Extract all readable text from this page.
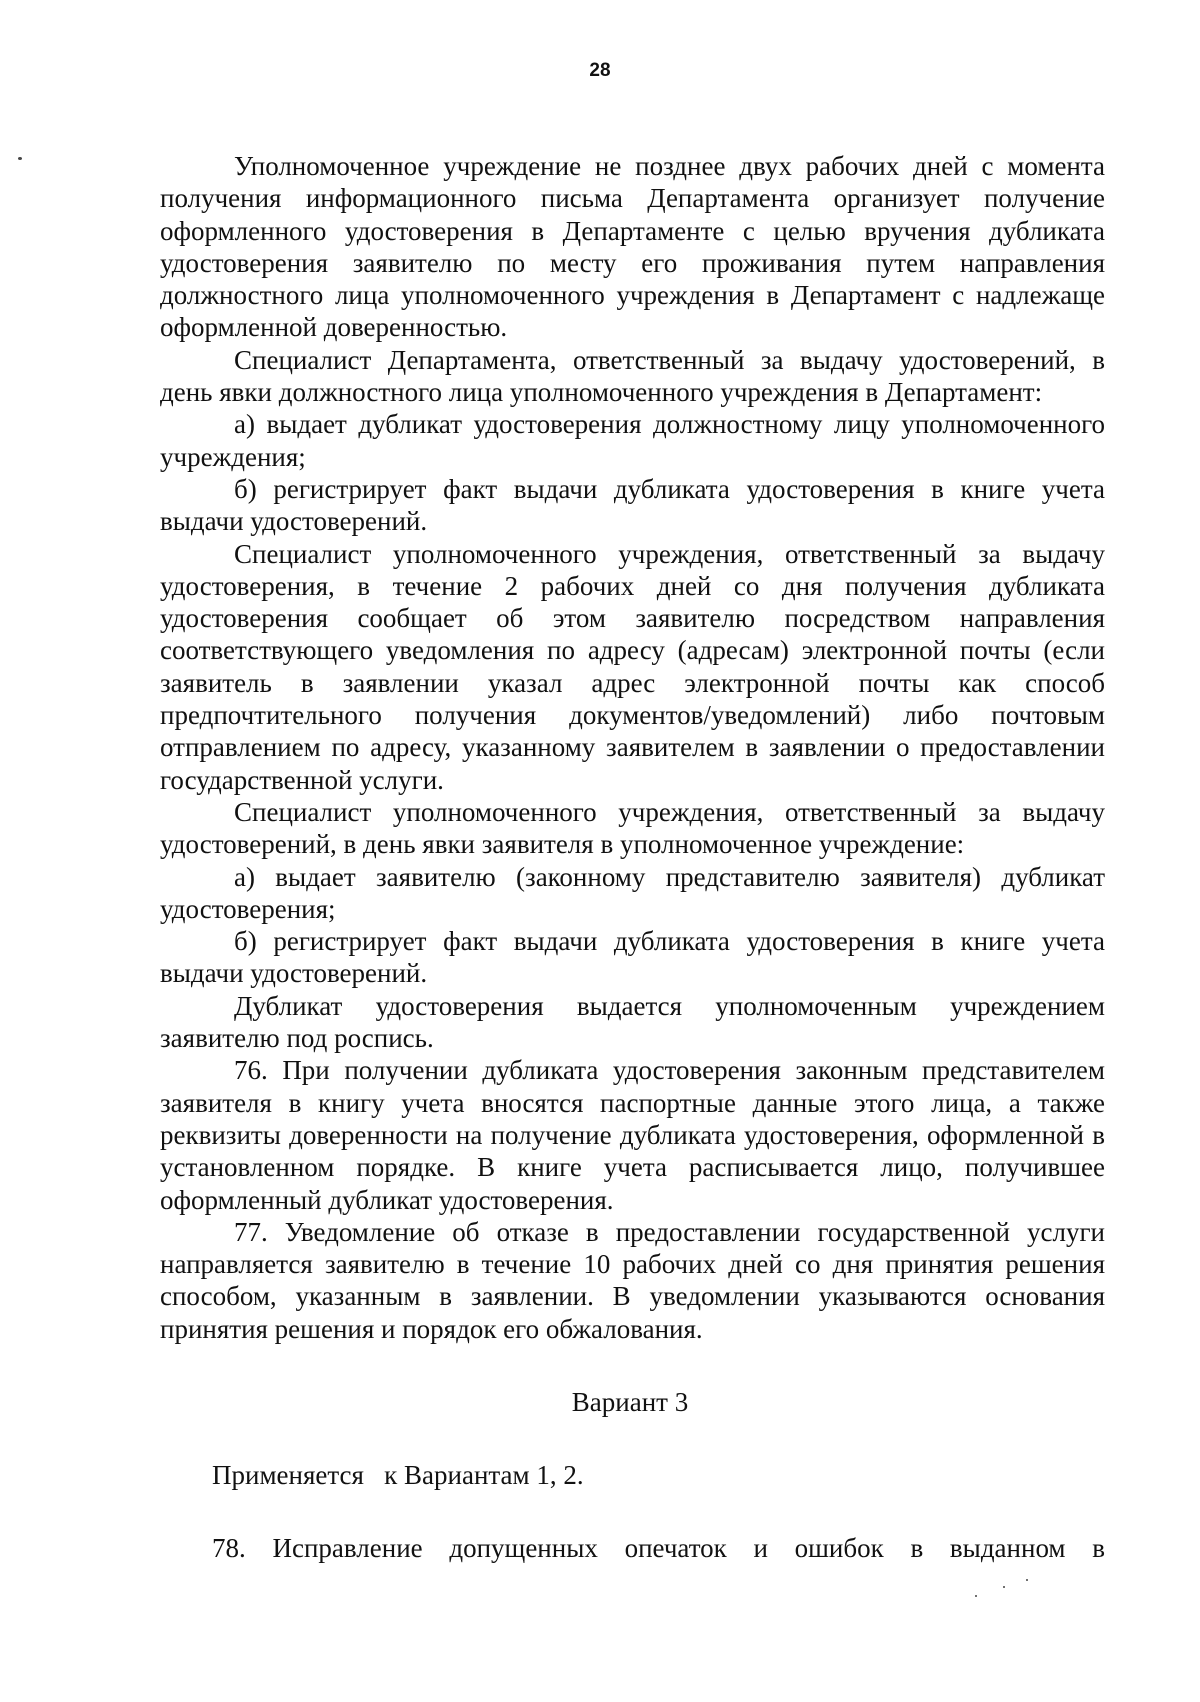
28

Уполномоченное учреждение не позднее двух рабочих дней с момента получения информационного письма Департамента организует получение оформленного удостоверения в Департаменте с целью вручения дубликата удостоверения заявителю по месту его проживания путем направления должностного лица уполномоченного учреждения в Департамент с надлежаще оформленной доверенностью.

Специалист Департамента, ответственный за выдачу удостоверений, в день явки должностного лица уполномоченного учреждения в Департамент:

а) выдает дубликат удостоверения должностному лицу уполномоченного учреждения;

б) регистрирует факт выдачи дубликата удостоверения в книге учета выдачи удостоверений.

Специалист уполномоченного учреждения, ответственный за выдачу удостоверения, в течение 2 рабочих дней со дня получения дубликата удостоверения сообщает об этом заявителю посредством направления соответствующего уведомления по адресу (адресам) электронной почты (если заявитель в заявлении указал адрес электронной почты как способ предпочтительного получения документов/уведомлений) либо почтовым отправлением по адресу, указанному заявителем в заявлении о предоставлении государственной услуги.

Специалист уполномоченного учреждения, ответственный за выдачу удостоверений, в день явки заявителя в уполномоченное учреждение:

а) выдает заявителю (законному представителю заявителя) дубликат удостоверения;

б) регистрирует факт выдачи дубликата удостоверения в книге учета выдачи удостоверений.

Дубликат удостоверения выдается уполномоченным учреждением заявителю под роспись.

76. При получении дубликата удостоверения законным представителем заявителя в книгу учета вносятся паспортные данные этого лица, а также реквизиты доверенности на получение дубликата удостоверения, оформленной в установленном порядке. В книге учета расписывается лицо, получившее оформленный дубликат удостоверения.

77. Уведомление об отказе в предоставлении государственной услуги направляется заявителю в течение 10 рабочих дней со дня принятия решения способом, указанным в заявлении. В уведомлении указываются основания принятия решения и порядок его обжалования.

Вариант 3
Применяется   к Вариантам 1, 2.
78. Исправление допущенных опечаток и ошибок в выданном в
